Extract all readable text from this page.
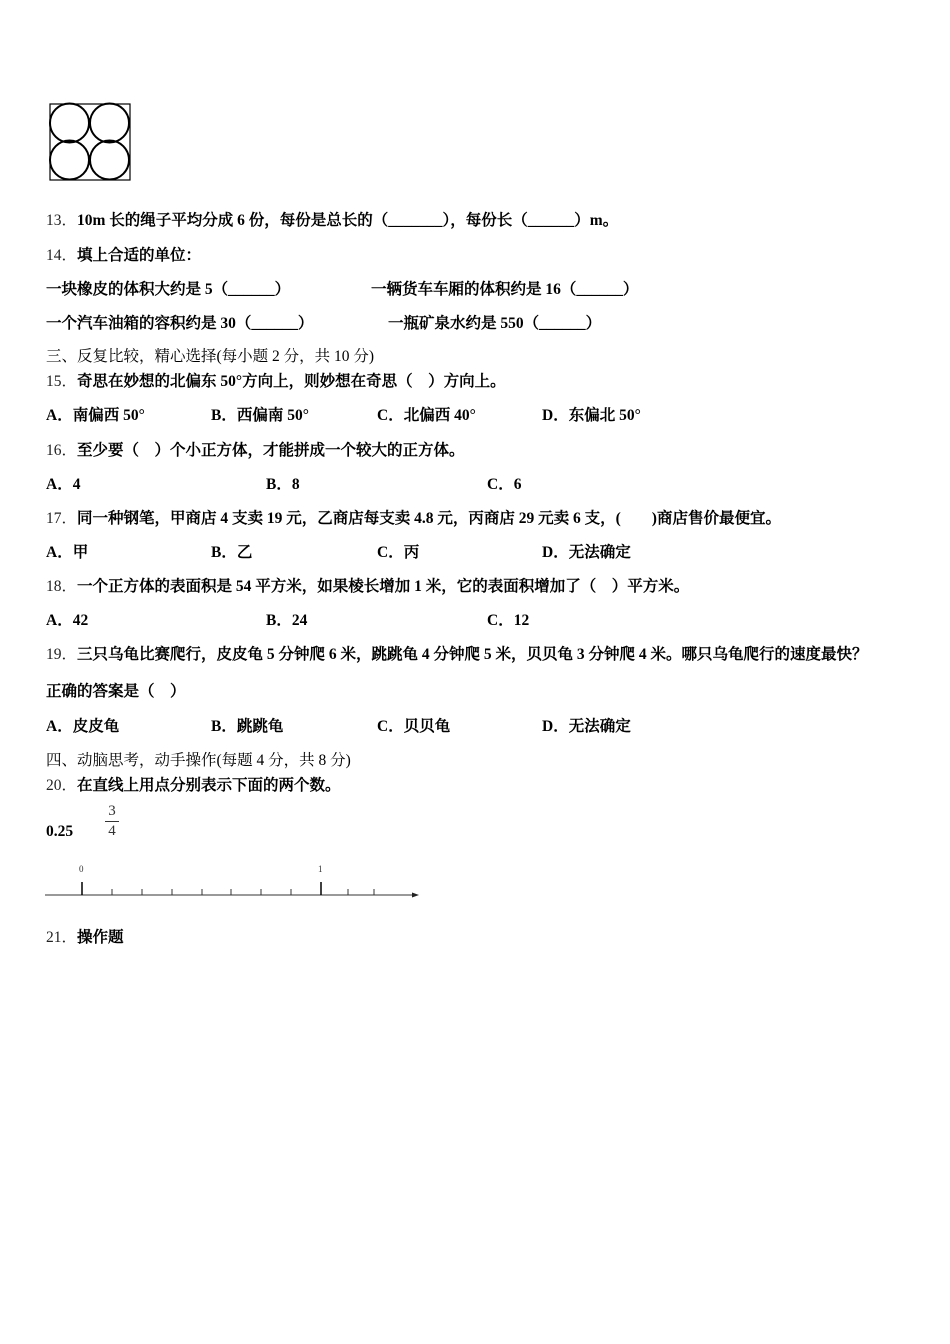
13．10m 长的绳子平均分成 6 份，每份是总长的（_______），每份长（______）m。
14．填上合适的单位：
一块橡皮的体积大约是 5（______）	一辆货车车厢的体积约是 16（______）
一个汽车油箱的容积约是 30（______）	一瓶矿泉水约是 550（______）
三、反复比较，精心选择(每小题 2 分，共 10 分)
15．奇思在妙想的北偏东 50°方向上，则妙想在奇思（　）方向上。
A．南偏西 50°	B．西偏南 50°	C．北偏西 40°	D．东偏北 50°
16．至少要（　）个小正方体，才能拼成一个较大的正方体。
A．4	B．8	C．6
17．同一种钢笔，甲商店 4 支卖 19 元，乙商店每支卖 4.8 元，丙商店 29 元卖 6 支，(　　)商店售价最便宜。
A．甲	B．乙	C．丙	D．无法确定
18．一个正方体的表面积是 54 平方米，如果棱长增加 1 米，它的表面积增加了（　）平方米。
A．42	B．24	C．12
19．三只乌龟比赛爬行，皮皮龟 5 分钟爬 6 米，跳跳龟 4 分钟爬 5 米，贝贝龟 3 分钟爬 4 米。哪只乌龟爬行的速度最快？
正确的答案是（　）
A．皮皮龟	B．跳跳龟	C．贝贝龟	D．无法确定
四、动脑思考，动手操作(每题 4 分，共 8 分)
20．在直线上用点分别表示下面的两个数。
0.25
3
4
0	1
21．操作题
